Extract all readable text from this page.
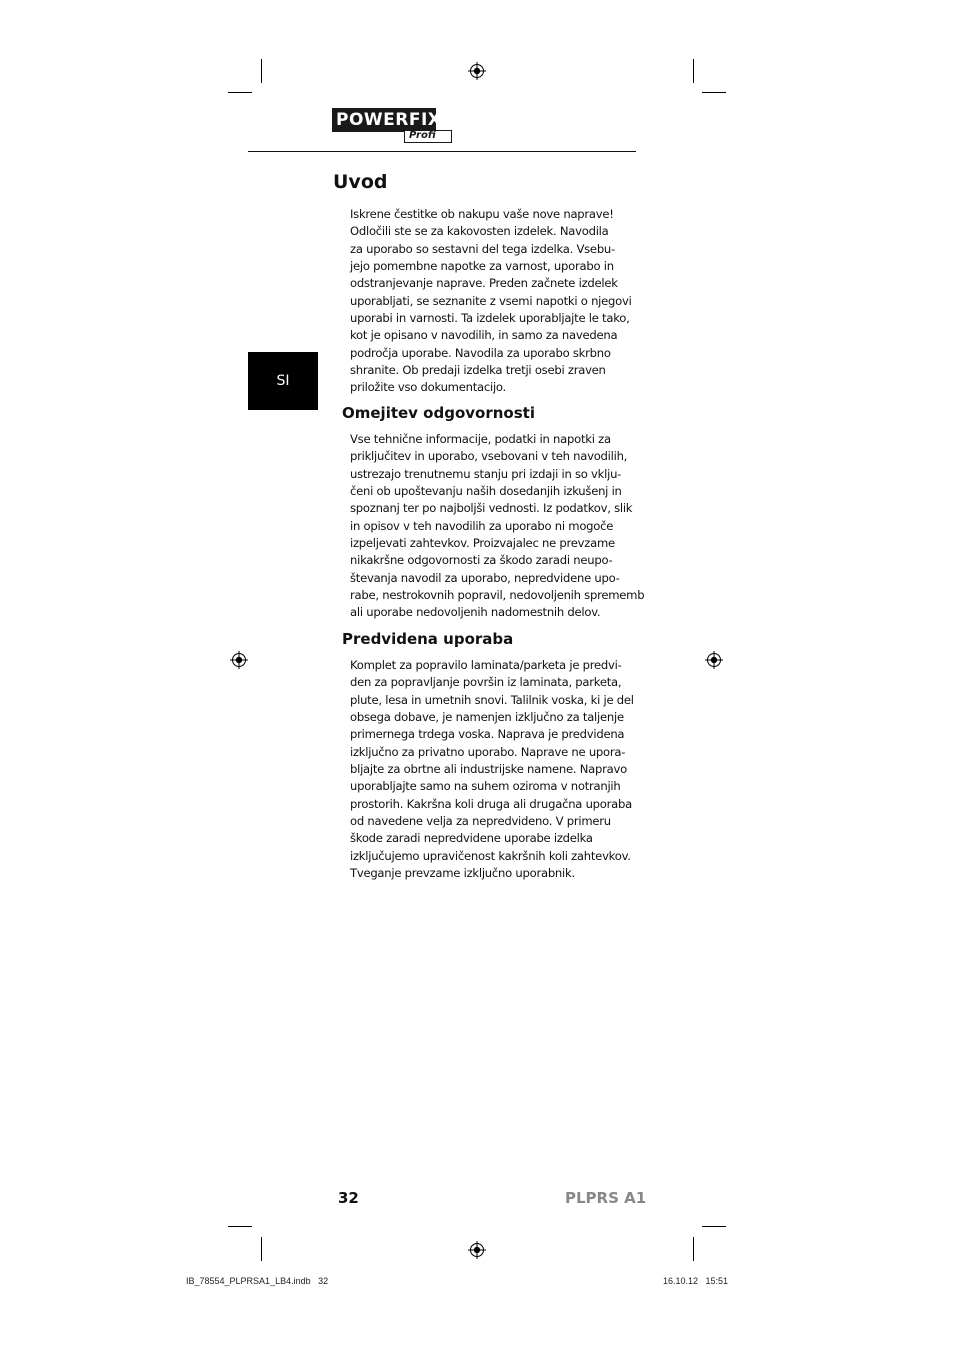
POWERFIX
Profi
Uvod
SI
Iskrene čestitke ob nakupu vaše nove naprave!
Odločili ste se za kakovosten izdelek. Navodila
za uporabo so sestavni del tega izdelka. Vsebu-
jejo pomembne napotke za varnost, uporabo in
odstranjevanje naprave. Preden začnete izdelek
uporabljati, se seznanite z vsemi napotki o njegovi
uporabi in varnosti. Ta izdelek uporabljajte le tako,
kot je opisano v navodilih, in samo za navedena
področja uporabe. Navodila za uporabo skrbno
shranite. Ob predaji izdelka tretji osebi zraven
priložite vso dokumentacijo.
Omejitev odgovornosti
Vse tehnične informacije, podatki in napotki za
priključitev in uporabo, vsebovani v teh navodilih,
ustrezajo trenutnemu stanju pri izdaji in so vklju-
čeni ob upoštevanju naših dosedanjih izkušenj in
spoznanj ter po najboljši vednosti. Iz podatkov, slik
in opisov v teh navodilih za uporabo ni mogoče
izpeljevati zahtevkov. Proizvajalec ne prevzame
nikakršne odgovornosti za škodo zaradi neupo-
števanja navodil za uporabo, nepredvidene upo-
rabe, nestrokovnih popravil, nedovoljenih sprememb
ali uporabe nedovoljenih nadomestnih delov.
Predvidena uporaba
Komplet za popravilo laminata/parketa je predvi-
den za popravljanje površin iz laminata, parketa,
plute, lesa in umetnih snovi. Talilnik voska, ki je del
obsega dobave, je namenjen izključno za taljenje
primernega trdega voska. Naprava je predvidena
izključno za privatno uporabo. Naprave ne upora-
bljajte za obrtne ali industrijske namene. Napravo
uporabljajte samo na suhem oziroma v notranjih
prostorih. Kakršna koli druga ali drugačna uporaba
od navedene velja za nepredvideno. V primeru
škode zaradi nepredvidene uporabe izdelka
izključujemo upravičenost kakršnih koli zahtevkov.
Tveganje prevzame izključno uporabnik.
32	PLPRS A1
IB_78554_PLPRSA1_LB4.indb   32	16.10.12   15:51
